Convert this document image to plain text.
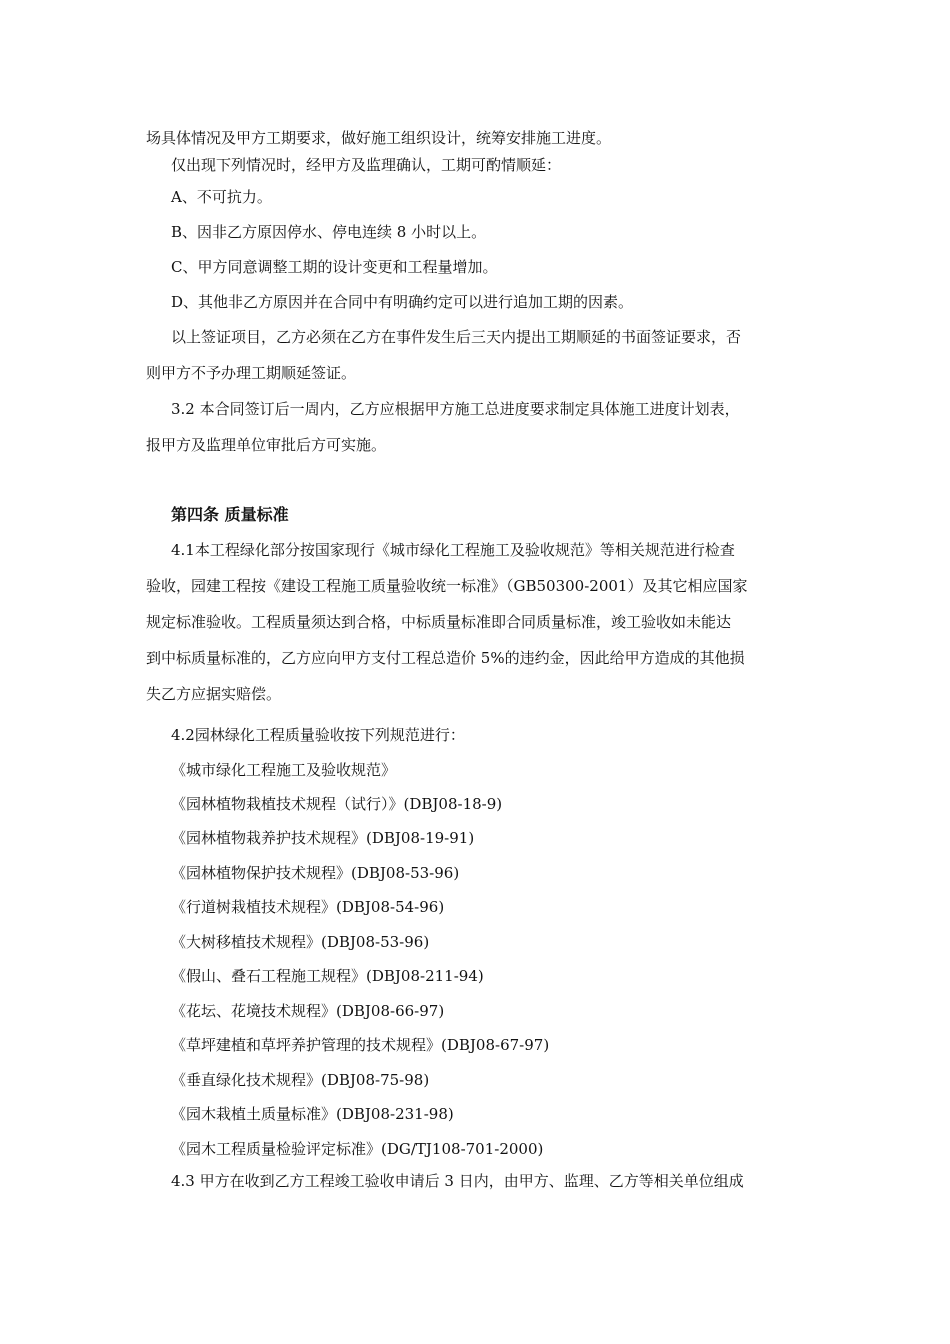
场具体情况及甲方工期要求，做好施工组织设计，统筹安排施工进度。
仅出现下列情况时，经甲方及监理确认，工期可酌情顺延：
A、不可抗力。
B、因非乙方原因停水、停电连续 8 小时以上。
C、甲方同意调整工期的设计变更和工程量增加。
D、其他非乙方原因并在合同中有明确约定可以进行追加工期的因素。
以上签证项目，乙方必须在乙方在事件发生后三天内提出工期顺延的书面签证要求，否
则甲方不予办理工期顺延签证。
3.2 本合同签订后一周内，乙方应根据甲方施工总进度要求制定具体施工进度计划表，
报甲方及监理单位审批后方可实施。
第四条 质量标准
4.1本工程绿化部分按国家现行《城市绿化工程施工及验收规范》等相关规范进行检查
验收，园建工程按《建设工程施工质量验收统一标准》（GB50300-2001）及其它相应国家
规定标准验收。工程质量须达到合格，中标质量标准即合同质量标准，竣工验收如未能达
到中标质量标准的，乙方应向甲方支付工程总造价 5%的违约金，因此给甲方造成的其他损
失乙方应据实赔偿。
4.2园林绿化工程质量验收按下列规范进行：
《城市绿化工程施工及验收规范》
《园林植物栽植技术规程（试行）》(DBJ08-18-9)
《园林植物栽养护技术规程》(DBJ08-19-91)
《园林植物保护技术规程》(DBJ08-53-96)
《行道树栽植技术规程》(DBJ08-54-96)
《大树移植技术规程》(DBJ08-53-96)
《假山、叠石工程施工规程》(DBJ08-211-94)
《花坛、花境技术规程》(DBJ08-66-97)
《草坪建植和草坪养护管理的技术规程》(DBJ08-67-97)
《垂直绿化技术规程》(DBJ08-75-98)
《园木栽植土质量标准》(DBJ08-231-98)
《园木工程质量检验评定标准》(DG/TJ108-701-2000)
4.3 甲方在收到乙方工程竣工验收申请后 3 日内，由甲方、监理、乙方等相关单位组成
